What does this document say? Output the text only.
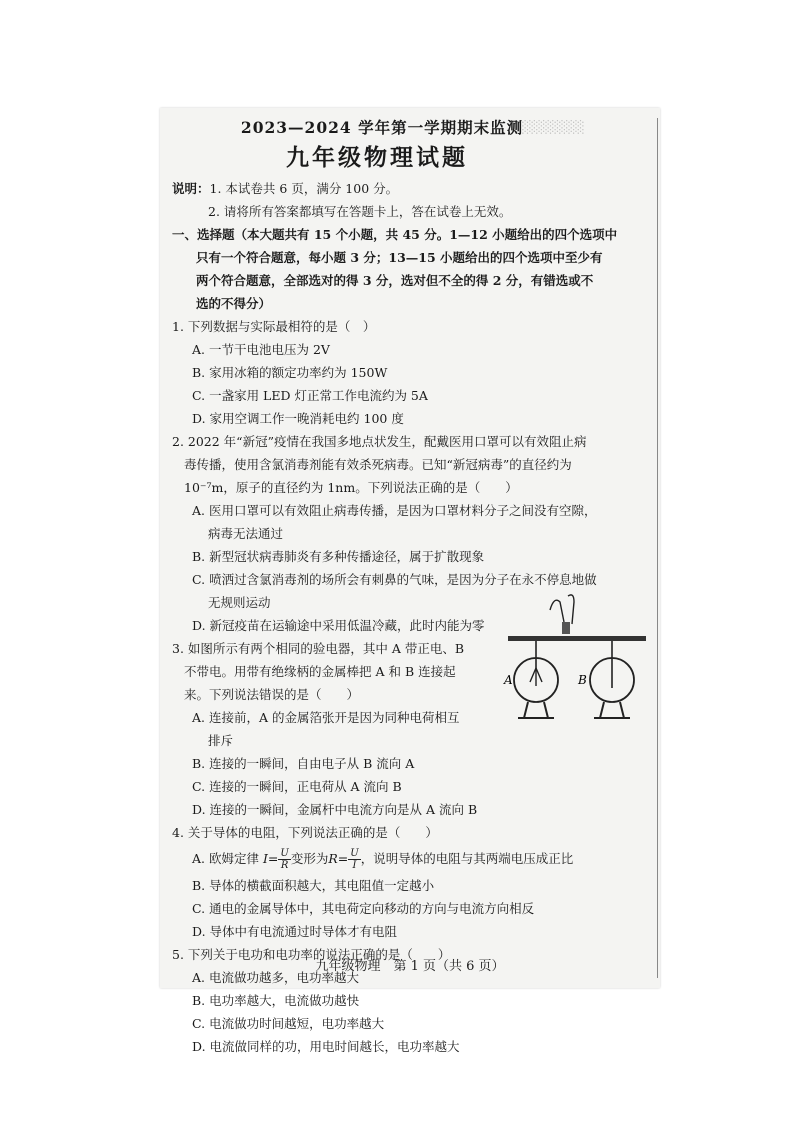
░░░░░░░
2023—2024 学年第一学期期末监测
九年级物理试题
说明：1. 本试卷共 6 页，满分 100 分。
2. 请将所有答案都填写在答题卡上，答在试卷上无效。
一、选择题（本大题共有 15 个小题，共 45 分。1—12 小题给出的四个选项中
只有一个符合题意，每小题 3 分；13—15 小题给出的四个选项中至少有
两个符合题意，全部选对的得 3 分，选对但不全的得 2 分，有错选或不
选的不得分）
1. 下列数据与实际最相符的是（　）
A. 一节干电池电压为 2V
B. 家用冰箱的额定功率约为 150W
C. 一盏家用 LED 灯正常工作电流约为 5A
D. 家用空调工作一晚消耗电约 100 度
2. 2022 年“新冠”疫情在我国多地点状发生，配戴医用口罩可以有效阻止病
毒传播，使用含氯消毒剂能有效杀死病毒。已知“新冠病毒”的直径约为
10⁻⁷m，原子的直径约为 1nm。下列说法正确的是（　　）
A. 医用口罩可以有效阻止病毒传播，是因为口罩材料分子之间没有空隙，
病毒无法通过
B. 新型冠状病毒肺炎有多种传播途径，属于扩散现象
C. 喷洒过含氯消毒剂的场所会有刺鼻的气味，是因为分子在永不停息地做
无规则运动
D. 新冠疫苗在运输途中采用低温冷藏，此时内能为零
3. 如图所示有两个相同的验电器，其中 A 带正电、B
不带电。用带有绝缘柄的金属棒把 A 和 B 连接起
来。下列说法错误的是（　　）
A. 连接前，A 的金属箔张开是因为同种电荷相互
排斥
B. 连接的一瞬间，自由电子从 B 流向 A
C. 连接的一瞬间，正电荷从 A 流向 B
D. 连接的一瞬间，金属杆中电流方向是从 A 流向 B
4. 关于导体的电阻，下列说法正确的是（　　）
A. 欧姆定律 $I= \frac{U}{R}$ 变形为$R= \frac{U}{I}$ ，说明导体的电阻与其两端电压成正比
B. 导体的横截面积越大，其电阻值一定越小
C. 通电的金属导体中，其电荷定向移动的方向与电流方向相反
D. 导体中有电流通过时导体才有电阻
5. 下列关于电功和电功率的说法正确的是（　　）
A. 电流做功越多，电功率越大
B. 电功率越大，电流做功越快
C. 电流做功时间越短，电功率越大
D. 电流做同样的功，用电时间越长，电功率越大
A	B
九年级物理　第 1 页（共 6 页）
